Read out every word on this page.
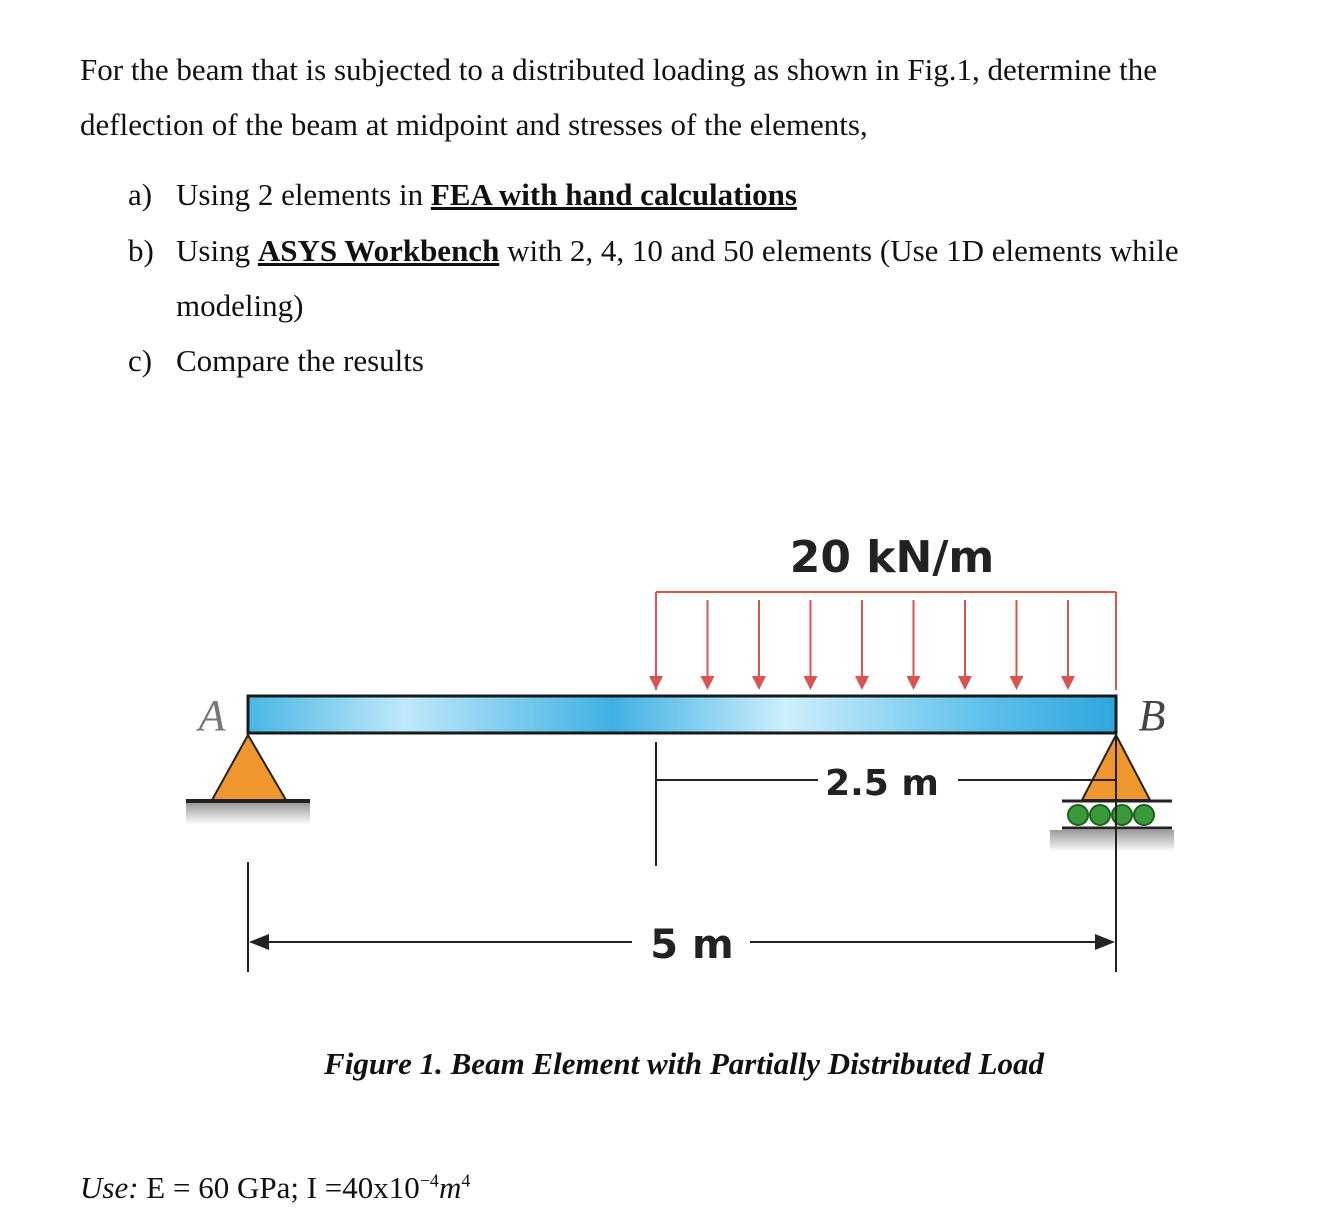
For the beam that is subjected to a distributed loading as shown in Fig.1, determine the deflection of the beam at midpoint and stresses of the elements,
a) Using 2 elements in FEA with hand calculations
b) Using ASYS Workbench with 2, 4, 10 and 50 elements (Use 1D elements while
modeling)
c) Compare the results
20 kN/m
A	B
2.5 m
5 m
Figure 1. Beam Element with Partially Distributed Load
Use: E = 60 GPa; $I =40x10^{-4}m^4$
